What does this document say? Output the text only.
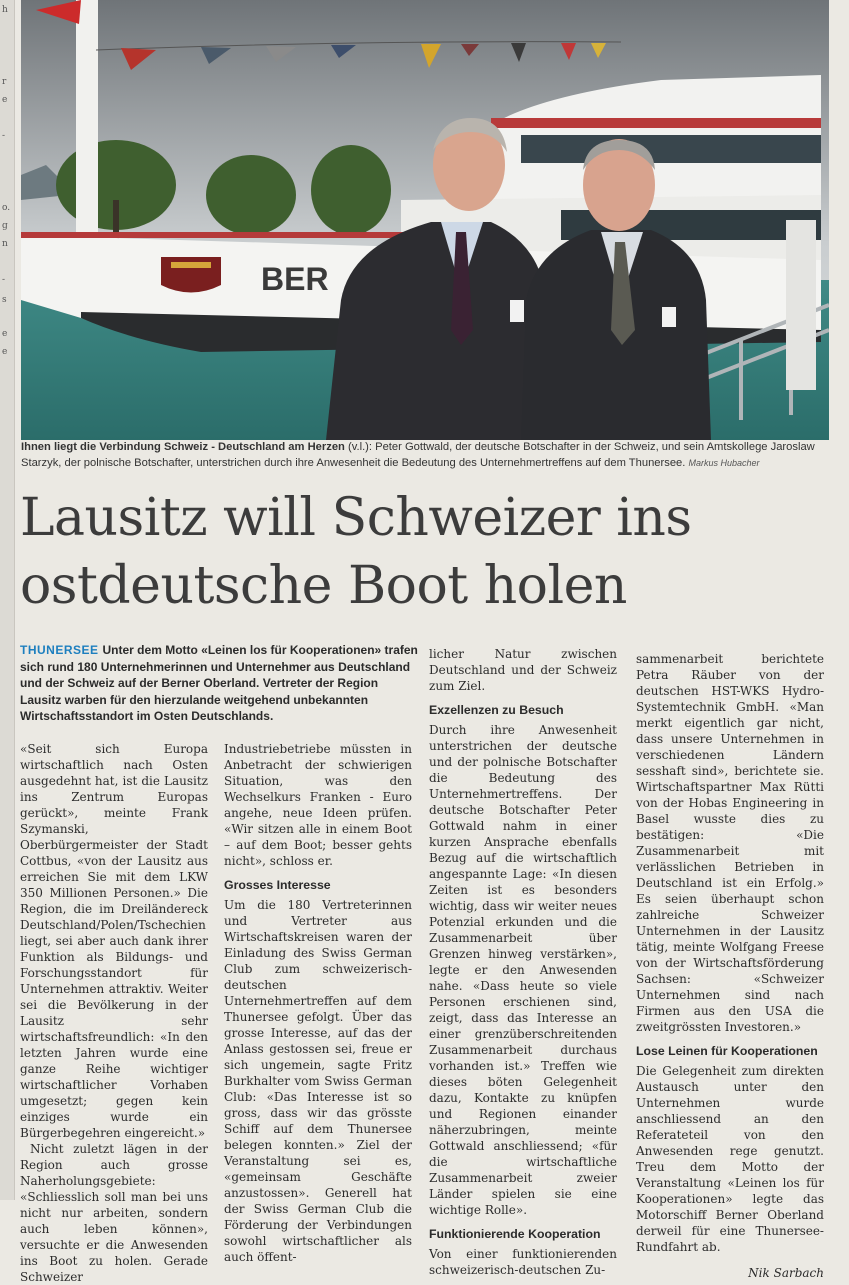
h
r
e
-
o.
g
n
-
s
e
e
BER
Ihnen liegt die Verbindung Schweiz - Deutschland am Herzen (v.l.): Peter Gottwald, der deutsche Botschafter in der Schweiz, und sein Amtskollege Jaroslaw Starzyk, der polnische Botschafter, unterstrichen durch ihre Anwesenheit die Bedeutung des Unternehmertreffens auf dem Thunersee. Markus Hubacher
Lausitz will Schweizer ins
ostdeutsche Boot holen
THUNERSEE Unter dem Motto «Leinen los für Kooperationen» trafen sich rund 180 Unternehmerinnen und Unternehmer aus Deutschland und der Schweiz auf der Berner Oberland. Vertreter der Region Lausitz warben für den hierzulande weitgehend unbekannten Wirtschaftsstandort im Osten Deutschlands.

«Seit sich Europa wirtschaftlich nach Osten ausgedehnt hat, ist die Lausitz ins Zentrum Europas gerückt», meinte Frank Szymanski, Oberbürgermeister der Stadt Cottbus, «von der Lausitz aus erreichen Sie mit dem LKW 350 Millionen Personen.» Die Region, die im Dreiländereck Deutschland/Polen/Tschechien liegt, sei aber auch dank ihrer Funktion als Bildungs- und Forschungsstandort für Unternehmen attraktiv. Weiter sei die Bevölkerung in der Lausitz sehr wirtschaftsfreundlich: «In den letzten Jahren wurde eine ganze Reihe wichtiger wirtschaftlicher Vorhaben umgesetzt; gegen kein einziges wurde ein Bürgerbegehren eingereicht.»

Nicht zuletzt lägen in der Region auch grosse Naherholungsgebiete: «Schliesslich soll man bei uns nicht nur arbeiten, sondern auch leben können», versuchte er die Anwesenden ins Boot zu holen. Gerade Schweizer

Industriebetriebe müssten in Anbetracht der schwierigen Situation, was den Wechselkurs Franken - Euro angehe, neue Ideen prüfen. «Wir sitzen alle in einem Boot – auf dem Boot; besser gehts nicht», schloss er.

Grosses Interesse

Um die 180 Vertreterinnen und Vertreter aus Wirtschaftskreisen waren der Einladung des Swiss German Club zum schweizerisch-deutschen Unternehmertreffen auf dem Thunersee gefolgt. Über das grosse Interesse, auf das der Anlass gestossen sei, freue er sich ungemein, sagte Fritz Burkhalter vom Swiss German Club: «Das Interesse ist so gross, dass wir das grösste Schiff auf dem Thunersee belegen konnten.» Ziel der Veranstaltung sei es, «gemeinsam Geschäfte anzustossen». Generell hat der Swiss German Club die Förderung der Verbindungen sowohl wirtschaftlicher als auch öffent-

licher Natur zwischen Deutschland und der Schweiz zum Ziel.

Exzellenzen zu Besuch

Durch ihre Anwesenheit unterstrichen der deutsche und der polnische Botschafter die Bedeutung des Unternehmertreffens. Der deutsche Botschafter Peter Gottwald nahm in einer kurzen Ansprache ebenfalls Bezug auf die wirtschaftlich angespannte Lage: «In diesen Zeiten ist es besonders wichtig, dass wir weiter neues Potenzial erkunden und die Zusammenarbeit über Grenzen hinweg verstärken», legte er den Anwesenden nahe. «Dass heute so viele Personen erschienen sind, zeigt, dass das Interesse an einer grenzüberschreitenden Zusammenarbeit durchaus vorhanden ist.» Treffen wie dieses böten Gelegenheit dazu, Kontakte zu knüpfen und Regionen einander näherzubringen, meinte Gottwald anschliessend; «für die wirtschaftliche Zusammenarbeit zweier Länder spielen sie eine wichtige Rolle».

Funktionierende Kooperation

Von einer funktionierenden schweizerisch-deutschen Zu-

sammenarbeit berichtete Petra Räuber von der deutschen HST-WKS Hydro-Systemtechnik GmbH. «Man merkt eigentlich gar nicht, dass unsere Unternehmen in verschiedenen Ländern sesshaft sind», berichtete sie. Wirtschaftspartner Max Rütti von der Hobas Engineering in Basel wusste dies zu bestätigen: «Die Zusammenarbeit mit verlässlichen Betrieben in Deutschland ist ein Erfolg.» Es seien überhaupt schon zahlreiche Schweizer Unternehmen in der Lausitz tätig, meinte Wolfgang Freese von der Wirtschaftsförderung Sachsen: «Schweizer Unternehmen sind nach Firmen aus den USA die zweitgrössten Investoren.»

Lose Leinen für Kooperationen

Die Gelegenheit zum direkten Austausch unter den Unternehmen wurde anschliessend an den Referateteil von den Anwesenden rege genutzt. Treu dem Motto der Veranstaltung «Leinen los für Kooperationen» legte das Motorschiff Berner Oberland derweil für eine Thunersee-Rundfahrt ab.

Nik Sarbach
